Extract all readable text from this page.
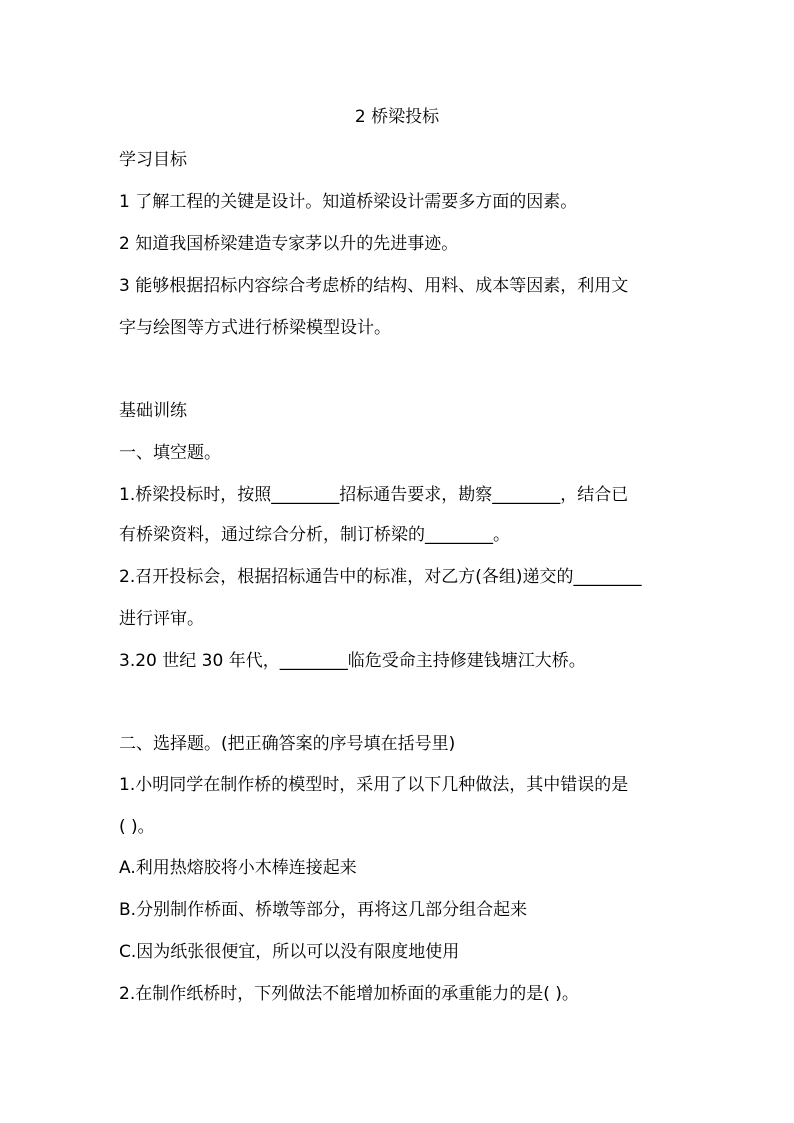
2 桥梁投标
学习目标
1 了解工程的关键是设计。知道桥梁设计需要多方面的因素。
2 知道我国桥梁建造专家茅以升的先进事迹。
3 能够根据招标内容综合考虑桥的结构、用料、成本等因素，利用文
字与绘图等方式进行桥梁模型设计。
基础训练
一、填空题。
1.桥梁投标时，按照________招标通告要求，勘察________，结合已
有桥梁资料，通过综合分析，制订桥梁的________。
2.召开投标会，根据招标通告中的标准，对乙方(各组)递交的________
进行评审。
3.20 世纪 30 年代，________临危受命主持修建钱塘江大桥。
二、选择题。(把正确答案的序号填在括号里)
1.小明同学在制作桥的模型时，采用了以下几种做法，其中错误的是
( )。
A.利用热熔胶将小木棒连接起来
B.分别制作桥面、桥墩等部分，再将这几部分组合起来
C.因为纸张很便宜，所以可以没有限度地使用
2.在制作纸桥时，下列做法不能增加桥面的承重能力的是( )。
